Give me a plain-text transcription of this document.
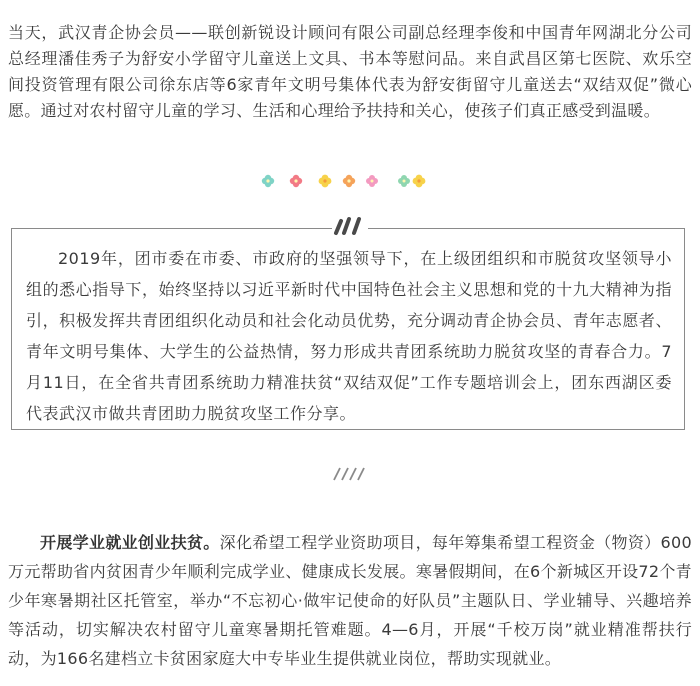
当天，武汉青企协会员——联创新锐设计顾问有限公司副总经理李俊和中国青年网湖北分公司总经理潘佳秀子为舒安小学留守儿童送上文具、书本等慰问品。来自武昌区第七医院、欢乐空间投资管理有限公司徐东店等6家青年文明号集体代表为舒安街留守儿童送去“双结双促”微心愿。通过对农村留守儿童的学习、生活和心理给予扶持和关心，使孩子们真正感受到温暖。

2019年，团市委在市委、市政府的坚强领导下，在上级团组织和市脱贫攻坚领导小组的悉心指导下，始终坚持以习近平新时代中国特色社会主义思想和党的十九大精神为指引，积极发挥共青团组织化动员和社会化动员优势，充分调动青企协会员、青年志愿者、青年文明号集体、大学生的公益热情，努力形成共青团系统助力脱贫攻坚的青春合力。7月11日，在全省共青团系统助力精准扶贫“双结双促”工作专题培训会上，团东西湖区委代表武汉市做共青团助力脱贫攻坚工作分享。

开展学业就业创业扶贫。深化希望工程学业资助项目，每年筹集希望工程资金（物资）600万元帮助省内贫困青少年顺利完成学业、健康成长发展。寒暑假期间，在6个新城区开设72个青少年寒暑期社区托管室，举办“不忘初心·做牢记使命的好队员”主题队日、学业辅导、兴趣培养等活动，切实解决农村留守儿童寒暑期托管难题。4—6月，开展“千校万岗”就业精准帮扶行动，为166名建档立卡贫困家庭大中专毕业生提供就业岗位，帮助实现就业。
